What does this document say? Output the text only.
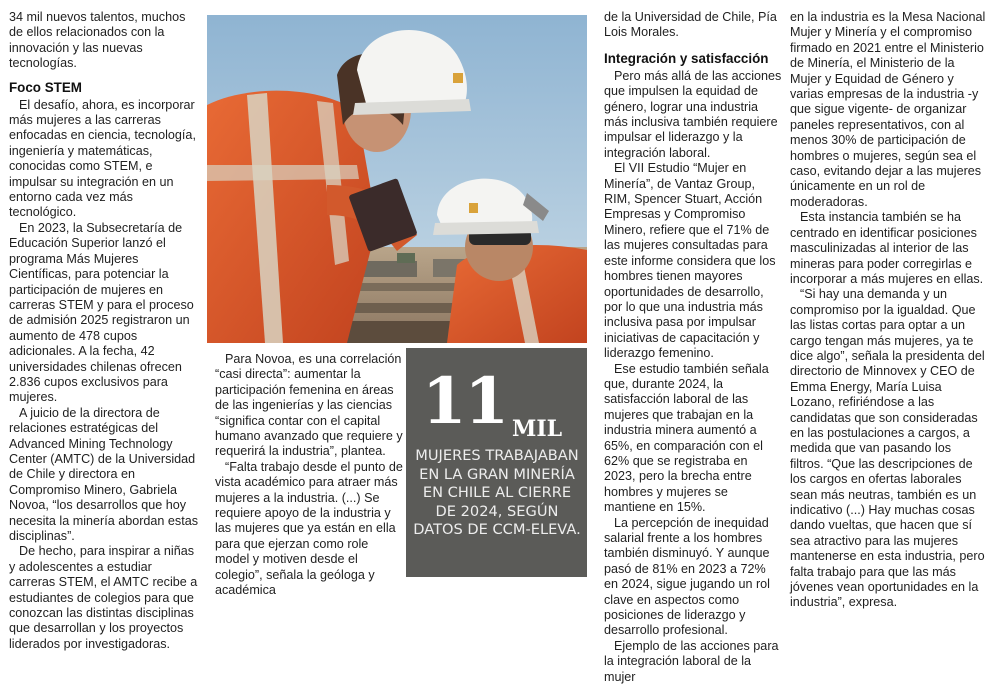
34 mil nuevos talentos, muchos de ellos relacionados con la innovación y las nuevas tecnologías.

Foco STEM

El desafío, ahora, es incorporar más mujeres a las carreras enfocadas en ciencia, tecnología, ingeniería y matemáticas, conocidas como STEM, e impulsar su integración en un entorno cada vez más tecnológico.

En 2023, la Subsecretaría de Educación Superior lanzó el programa Más Mujeres Científicas, para potenciar la participación de mujeres en carreras STEM y para el proceso de admisión 2025 registraron un aumento de 478 cupos adicionales. A la fecha, 42 universidades chilenas ofrecen 2.836 cupos exclusivos para mujeres.

A juicio de la directora de relaciones estratégicas del Advanced Mining Technology Center (AMTC) de la Universidad de Chile y directora en Compromiso Minero, Gabriela Novoa, “los desarrollos que hoy necesita la minería abordan estas disciplinas”.

De hecho, para inspirar a niñas y adolescentes a estudiar carreras STEM, el AMTC recibe a estudiantes de colegios para que conozcan las distintas disciplinas que desarrollan y los proyectos liderados por investigadoras.

Para Novoa, es una correlación “casi directa”: aumentar la participación femenina en áreas de las ingenierías y las ciencias “significa contar con el capital humano avanzado que requiere y requerirá la industria”, plantea.

“Falta trabajo desde el punto de vista académico para atraer más mujeres a la industria. (...) Se requiere apoyo de la industria y las mujeres que ya están en ella para que ejerzan como role model y motiven desde el colegio”, señala la geóloga y académica

11 MIL
MUJERES TRABAJABAN EN LA GRAN MINERÍA EN CHILE AL CIERRE DE 2024, SEGÚN DATOS DE CCM-ELEVA.

de la Universidad de Chile, Pía Lois Morales.

Integración y satisfacción

Pero más allá de las acciones que impulsen la equidad de género, lograr una industria más inclusiva también requiere impulsar el liderazgo y la integración laboral.

El VII Estudio “Mujer en Minería”, de Vantaz Group, RIM, Spencer Stuart, Acción Empresas y Compromiso Minero, refiere que el 71% de las mujeres consultadas para este informe considera que los hombres tienen mayores oportunidades de desarrollo, por lo que una industria más inclusiva pasa por impulsar iniciativas de capacitación y liderazgo femenino.

Ese estudio también señala que, durante 2024, la satisfacción laboral de las mujeres que trabajan en la industria minera aumentó a 65%, en comparación con el 62% que se registraba en 2023, pero la brecha entre hombres y mujeres se mantiene en 15%.

La percepción de inequidad salarial frente a los hombres también disminuyó. Y aunque pasó de 81% en 2023 a 72% en 2024, sigue jugando un rol clave en aspectos como posiciones de liderazgo y desarrollo profesional.

Ejemplo de las acciones para la integración laboral de la mujer

en la industria es la Mesa Nacional Mujer y Minería y el compromiso firmado en 2021 entre el Ministerio de Minería, el Ministerio de la Mujer y Equidad de Género y varias empresas de la industria -y que sigue vigente- de organizar paneles representativos, con al menos 30% de participación de hombres o mujeres, según sea el caso, evitando dejar a las mujeres únicamente en un rol de moderadoras.

Esta instancia también se ha centrado en identificar posiciones masculinizadas al interior de las mineras para poder corregirlas e incorporar a más mujeres en ellas.

“Si hay una demanda y un compromiso por la igualdad. Que las listas cortas para optar a un cargo tengan más mujeres, ya te dice algo”, señala la presidenta del directorio de Minnovex y CEO de Emma Energy, María Luisa Lozano, refiriéndose a las candidatas que son consideradas en las postulaciones a cargos, a medida que van pasando los filtros. “Que las descripciones de los cargos en ofertas laborales sean más neutras, también es un indicativo (...) Hay muchas cosas dando vueltas, que hacen que sí sea atractivo para las mujeres mantenerse en esta industria, pero falta trabajo para que las más jóvenes vean oportunidades en la industria”, expresa.
